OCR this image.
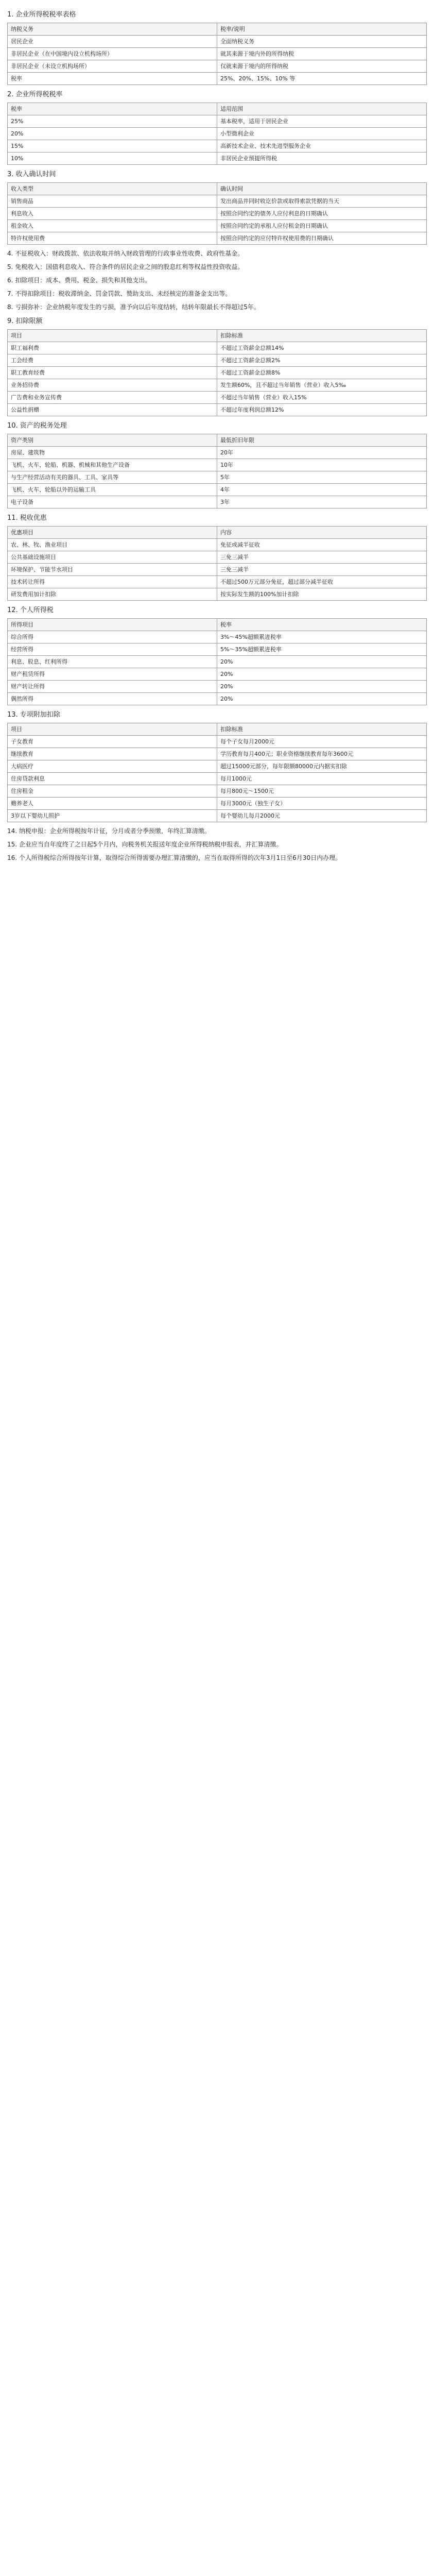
1. 企业所得税税率表格
纳税义务	税率/说明
居民企业	全面纳税义务
非居民企业（在中国境内设立机构场所）	就其来源于境内外的所得纳税
非居民企业（未设立机构场所）	仅就来源于境内的所得纳税
税率	25%、20%、15%、10% 等
2. 企业所得税税率
税率	适用范围
25%	基本税率，适用于居民企业
20%	小型微利企业
15%	高新技术企业、技术先进型服务企业
10%	非居民企业预提所得税
3. 收入确认时间
收入类型	确认时间
销售商品	发出商品并同时收讫价款或取得索款凭据的当天
利息收入	按照合同约定的债务人应付利息的日期确认
租金收入	按照合同约定的承租人应付租金的日期确认
特许权使用费	按照合同约定的应付特许权使用费的日期确认
4. 不征税收入：财政拨款、依法收取并纳入财政管理的行政事业性收费、政府性基金。
5. 免税收入：国债利息收入、符合条件的居民企业之间的股息红利等权益性投资收益。
6. 扣除项目：成本、费用、税金、损失和其他支出。
7. 不得扣除项目：税收滞纳金、罚金罚款、赞助支出、未经核定的准备金支出等。
8. 亏损弥补：企业纳税年度发生的亏损，准予向以后年度结转，结转年限最长不得超过5年。
9. 扣除限额
项目	扣除标准
职工福利费	不超过工资薪金总额14%
工会经费	不超过工资薪金总额2%
职工教育经费	不超过工资薪金总额8%
业务招待费	发生额60%，且不超过当年销售（营业）收入5‰
广告费和业务宣传费	不超过当年销售（营业）收入15%
公益性捐赠	不超过年度利润总额12%
10. 资产的税务处理
资产类别	最低折旧年限
房屋、建筑物	20年
飞机、火车、轮船、机器、机械和其他生产设备	10年
与生产经营活动有关的器具、工具、家具等	5年
飞机、火车、轮船以外的运输工具	4年
电子设备	3年
11. 税收优惠
优惠项目	内容
农、林、牧、渔业项目	免征或减半征收
公共基础设施项目	三免三减半
环境保护、节能节水项目	三免三减半
技术转让所得	不超过500万元部分免征，超过部分减半征收
研发费用加计扣除	按实际发生额的100%加计扣除
12. 个人所得税
所得项目	税率
综合所得	3%～45%超额累进税率
经营所得	5%～35%超额累进税率
利息、股息、红利所得	20%
财产租赁所得	20%
财产转让所得	20%
偶然所得	20%
13. 专项附加扣除
项目	扣除标准
子女教育	每个子女每月2000元
继续教育	学历教育每月400元；职业资格继续教育每年3600元
大病医疗	超过15000元部分，每年限额80000元内据实扣除
住房贷款利息	每月1000元
住房租金	每月800元～1500元
赡养老人	每月3000元（独生子女）
3岁以下婴幼儿照护	每个婴幼儿每月2000元
14. 纳税申报：企业所得税按年计征，分月或者分季预缴，年终汇算清缴。
15. 企业应当自年度终了之日起5个月内，向税务机关报送年度企业所得税纳税申报表，并汇算清缴。
16. 个人所得税综合所得按年计算，取得综合所得需要办理汇算清缴的，应当在取得所得的次年3月1日至6月30日内办理。
